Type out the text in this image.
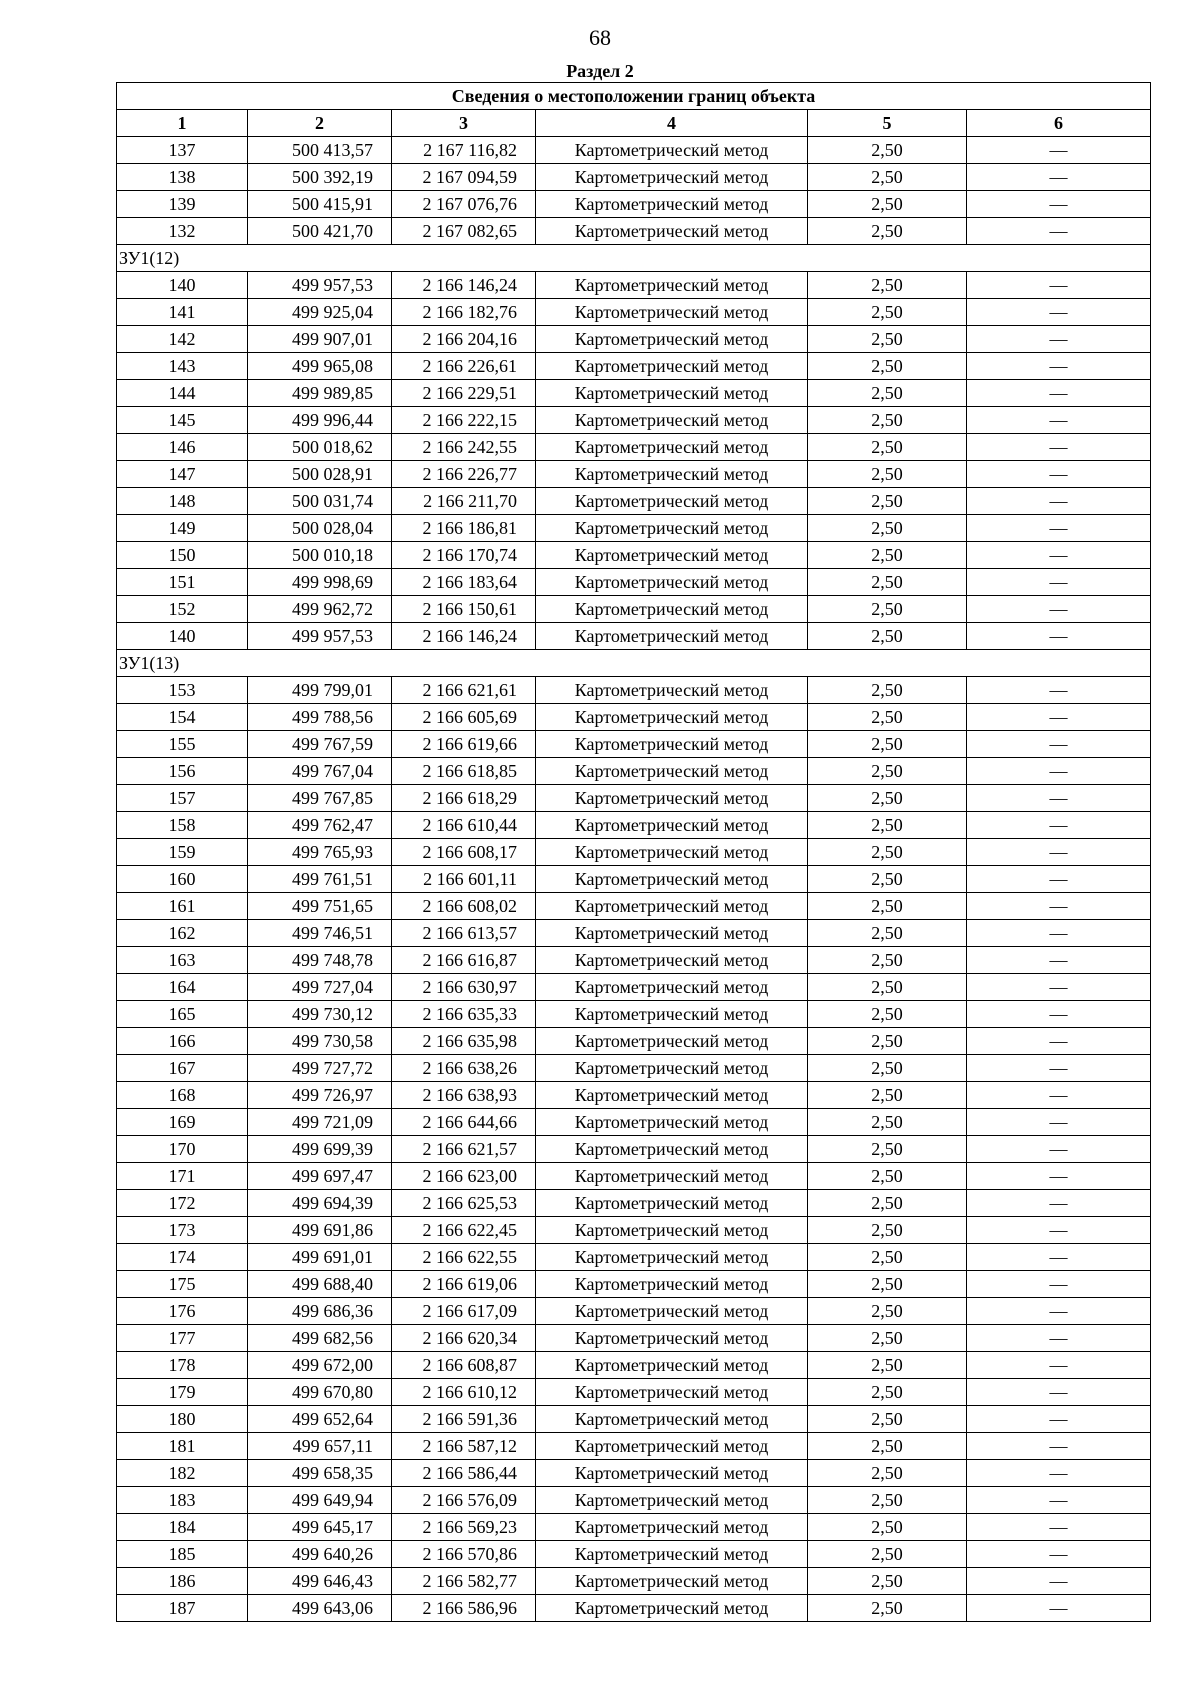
68
Раздел 2
Сведения о местоположении границ объекта					
1	2	3	4	5	6
137	500 413,57	2 167 116,82	Картометрический метод	2,50	—
138	500 392,19	2 167 094,59	Картометрический метод	2,50	—
139	500 415,91	2 167 076,76	Картометрический метод	2,50	—
132	500 421,70	2 167 082,65	Картометрический метод	2,50	—
ЗУ1(12)					
140	499 957,53	2 166 146,24	Картометрический метод	2,50	—
141	499 925,04	2 166 182,76	Картометрический метод	2,50	—
142	499 907,01	2 166 204,16	Картометрический метод	2,50	—
143	499 965,08	2 166 226,61	Картометрический метод	2,50	—
144	499 989,85	2 166 229,51	Картометрический метод	2,50	—
145	499 996,44	2 166 222,15	Картометрический метод	2,50	—
146	500 018,62	2 166 242,55	Картометрический метод	2,50	—
147	500 028,91	2 166 226,77	Картометрический метод	2,50	—
148	500 031,74	2 166 211,70	Картометрический метод	2,50	—
149	500 028,04	2 166 186,81	Картометрический метод	2,50	—
150	500 010,18	2 166 170,74	Картометрический метод	2,50	—
151	499 998,69	2 166 183,64	Картометрический метод	2,50	—
152	499 962,72	2 166 150,61	Картометрический метод	2,50	—
140	499 957,53	2 166 146,24	Картометрический метод	2,50	—
ЗУ1(13)					
153	499 799,01	2 166 621,61	Картометрический метод	2,50	—
154	499 788,56	2 166 605,69	Картометрический метод	2,50	—
155	499 767,59	2 166 619,66	Картометрический метод	2,50	—
156	499 767,04	2 166 618,85	Картометрический метод	2,50	—
157	499 767,85	2 166 618,29	Картометрический метод	2,50	—
158	499 762,47	2 166 610,44	Картометрический метод	2,50	—
159	499 765,93	2 166 608,17	Картометрический метод	2,50	—
160	499 761,51	2 166 601,11	Картометрический метод	2,50	—
161	499 751,65	2 166 608,02	Картометрический метод	2,50	—
162	499 746,51	2 166 613,57	Картометрический метод	2,50	—
163	499 748,78	2 166 616,87	Картометрический метод	2,50	—
164	499 727,04	2 166 630,97	Картометрический метод	2,50	—
165	499 730,12	2 166 635,33	Картометрический метод	2,50	—
166	499 730,58	2 166 635,98	Картометрический метод	2,50	—
167	499 727,72	2 166 638,26	Картометрический метод	2,50	—
168	499 726,97	2 166 638,93	Картометрический метод	2,50	—
169	499 721,09	2 166 644,66	Картометрический метод	2,50	—
170	499 699,39	2 166 621,57	Картометрический метод	2,50	—
171	499 697,47	2 166 623,00	Картометрический метод	2,50	—
172	499 694,39	2 166 625,53	Картометрический метод	2,50	—
173	499 691,86	2 166 622,45	Картометрический метод	2,50	—
174	499 691,01	2 166 622,55	Картометрический метод	2,50	—
175	499 688,40	2 166 619,06	Картометрический метод	2,50	—
176	499 686,36	2 166 617,09	Картометрический метод	2,50	—
177	499 682,56	2 166 620,34	Картометрический метод	2,50	—
178	499 672,00	2 166 608,87	Картометрический метод	2,50	—
179	499 670,80	2 166 610,12	Картометрический метод	2,50	—
180	499 652,64	2 166 591,36	Картометрический метод	2,50	—
181	499 657,11	2 166 587,12	Картометрический метод	2,50	—
182	499 658,35	2 166 586,44	Картометрический метод	2,50	—
183	499 649,94	2 166 576,09	Картометрический метод	2,50	—
184	499 645,17	2 166 569,23	Картометрический метод	2,50	—
185	499 640,26	2 166 570,86	Картометрический метод	2,50	—
186	499 646,43	2 166 582,77	Картометрический метод	2,50	—
187	499 643,06	2 166 586,96	Картометрический метод	2,50	—
